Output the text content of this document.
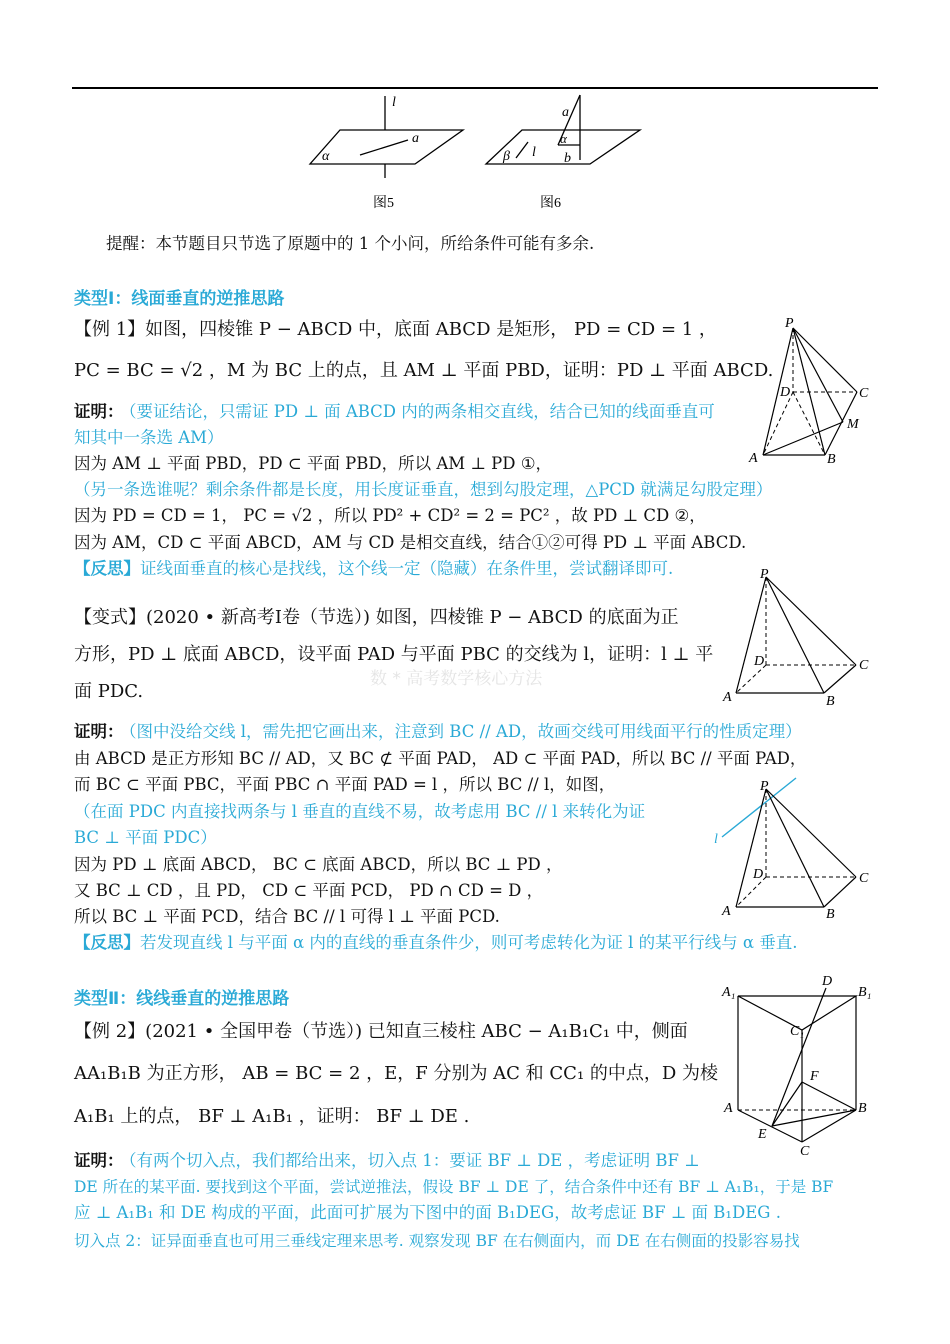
l
a
α
图5
a
α
β l b
图6
提醒：本节题目只节选了原题中的 1 个小问，所给条件可能有多余.
类型Ⅰ：线面垂直的逆推思路
【例 1】如图，四棱锥 P − ABCD 中，底面 ABCD 是矩形， PD = CD = 1 ，
PC = BC = √2 ，M 为 BC 上的点，且 AM ⊥ 平面 PBD，证明：PD ⊥ 平面 ABCD.
证明：
（要证结论，只需证 PD ⊥ 面 ABCD 内的两条相交直线，结合已知的线面垂直可
知其中一条选 AM）
因为 AM ⊥ 平面 PBD，PD ⊂ 平面 PBD，所以 AM ⊥ PD ①，
（另一条选谁呢？剩余条件都是长度，用长度证垂直，想到勾股定理，△PCD 就满足勾股定理）
因为 PD = CD = 1， PC = √2 ，所以 PD² + CD² = 2 = PC² ，故 PD ⊥ CD ②，
因为 AM，CD ⊂ 平面 ABCD，AM 与 CD 是相交直线，结合①②可得 PD ⊥ 平面 ABCD.
【反思】证线面垂直的核心是找线，这个线一定（隐藏）在条件里，尝试翻译即可.
P
D	C
M
A	B
【变式】(2020 • 新高考Ⅰ卷（节选）) 如图，四棱锥 P − ABCD 的底面为正
方形，PD ⊥ 底面 ABCD，设平面 PAD 与平面 PBC 的交线为 l，证明：l ⊥ 平
面 PDC.
数 * 高考数学核心方法
P
D	C
A	B
证明：
（图中没给交线 l，需先把它画出来，注意到 BC // AD，故画交线可用线面平行的性质定理）
由 ABCD 是正方形知 BC // AD，又 BC ⊄ 平面 PAD， AD ⊂ 平面 PAD，所以 BC // 平面 PAD，
而 BC ⊂ 平面 PBC，平面 PBC ∩ 平面 PAD = l ，所以 BC // l，如图，
（在面 PDC 内直接找两条与 l 垂直的直线不易，故考虑用 BC // l 来转化为证
BC ⊥ 平面 PDC）
因为 PD ⊥ 底面 ABCD， BC ⊂ 底面 ABCD，所以 BC ⊥ PD ，
又 BC ⊥ CD ，且 PD， CD ⊂ 平面 PCD， PD ∩ CD = D ，
所以 BC ⊥ 平面 PCD，结合 BC // l 可得 l ⊥ 平面 PCD.
【反思】若发现直线 l 与平面 α 内的直线的垂直条件少，则可考虑转化为证 l 的某平行线与 α 垂直.
P
l
D	C
A	B
类型Ⅱ：线线垂直的逆推思路
【例 2】(2021 • 全国甲卷（节选）) 已知直三棱柱 ABC − A₁B₁C₁ 中，侧面
AA₁B₁B 为正方形， AB = BC = 2 ，E，F 分别为 AC 和 CC₁ 的中点，D 为棱
A₁B₁ 上的点， BF ⊥ A₁B₁ ，证明： BF ⊥ DE .
A₁
D
B₁
C₁
F
A	B
E
C
证明：
（有两个切入点，我们都给出来，切入点 1：要证 BF ⊥ DE ，考虑证明 BF ⊥
DE 所在的某平面. 要找到这个平面，尝试逆推法，假设 BF ⊥ DE 了，结合条件中还有 BF ⊥ A₁B₁，于是 BF
应 ⊥ A₁B₁ 和 DE 构成的平面，此面可扩展为下图中的面 B₁DEG，故考虑证 BF ⊥ 面 B₁DEG .
切入点 2：证异面垂直也可用三垂线定理来思考. 观察发现 BF 在右侧面内，而 DE 在右侧面的投影容易找
